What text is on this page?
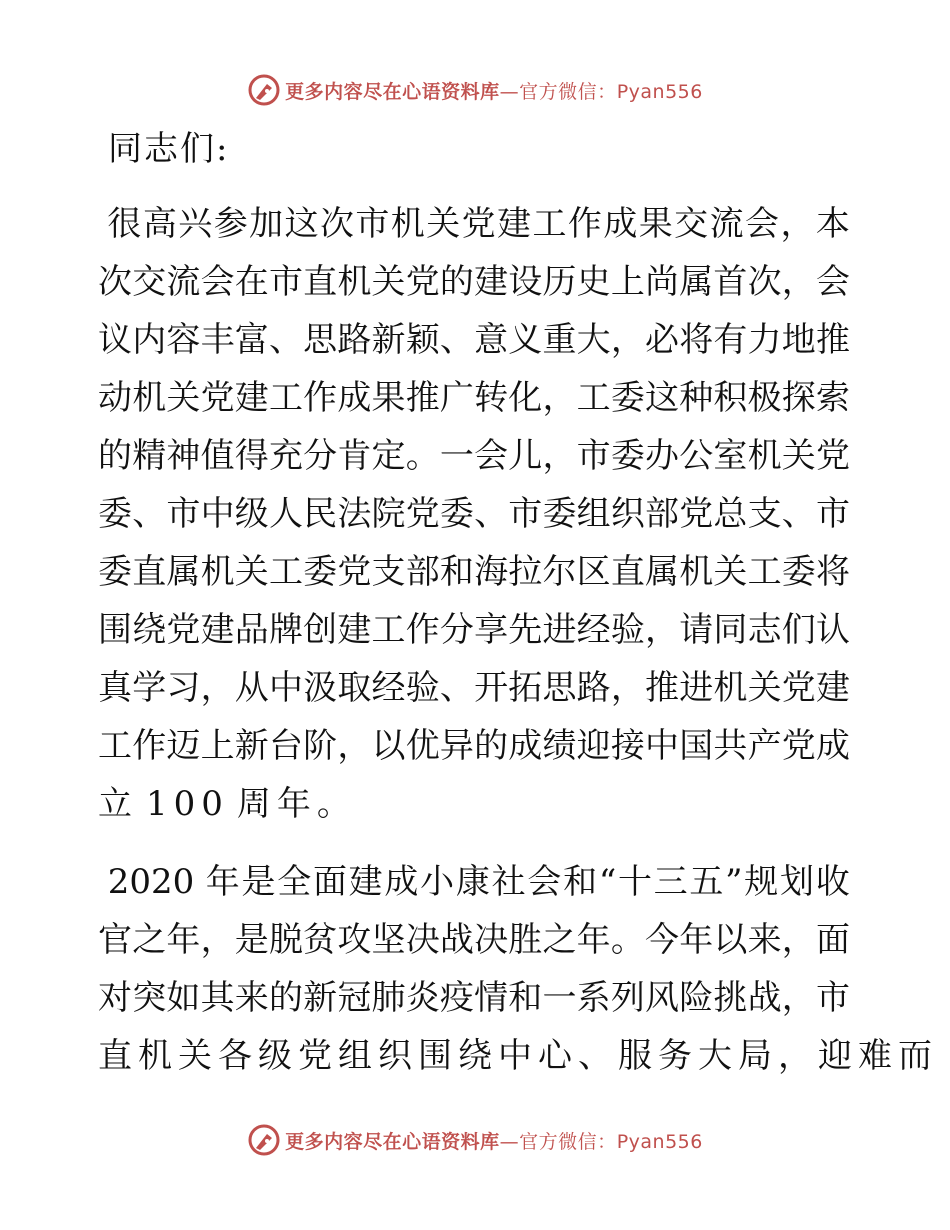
更多内容尽在心语资料库—官方微信：Pyan556
同志们:

很 高 兴 参 加 这 次 市 机 关 党 建 工 作 成 果 交 流 会 ， 本
次 交 流 会 在 市 直 机 关 党 的 建 设 历 史 上 尚 属 首 次 ， 会
议 内 容 丰 富 、 思 路 新 颖 、 意 义 重 大 ， 必 将 有 力 地 推
动 机 关 党 建 工 作 成 果 推 广 转 化 ， 工 委 这 种 积 极 探 索
的 精 神 值 得 充 分 肯 定 。 一 会 儿 ， 市 委 办 公 室 机 关 党
委 、 市 中 级 人 民 法 院 党 委 、 市 委 组 织 部 党 总 支 、 市
委 直 属 机 关 工 委 党 支 部 和 海 拉 尔 区 直 属 机 关 工 委 将
围 绕 党 建 品 牌 创 建 工 作 分 享 先 进 经 验 ， 请 同 志 们 认
真 学 习 ， 从 中 汲 取 经 验 、 开 拓 思 路 ， 推 进 机 关 党 建
工 作 迈 上 新 台 阶 ， 以 优 异 的 成 绩 迎 接 中 国 共 产 党 成
立
100
周 年 。

2020
年 是 全 面 建 成 小 康 社 会 和 “ 十 三 五 ” 规 划 收
官 之 年 ， 是 脱 贫 攻 坚 决 战 决 胜 之 年 。 今 年 以 来 ， 面
对 突 如 其 来 的 新 冠 肺 炎 疫 情 和 一 系 列 风 险 挑 战 ， 市
直 机 关 各 级 党 组 织 围 绕 中 心 、 服 务 大 局 ， 迎 难 而
更多内容尽在心语资料库—官方微信：Pyan556
